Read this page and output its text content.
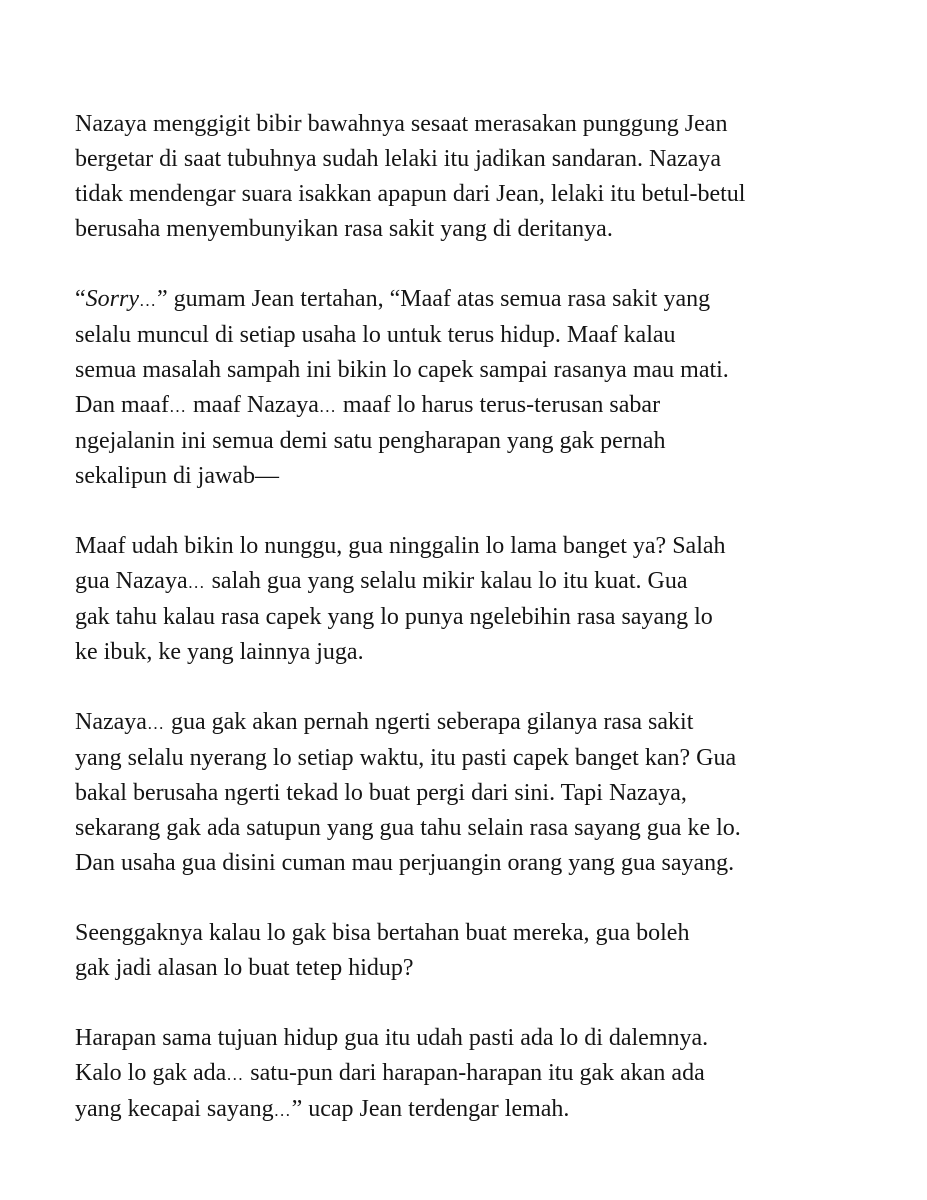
Nazaya menggigit bibir bawahnya sesaat merasakan punggung Jean
bergetar di saat tubuhnya sudah lelaki itu jadikan sandaran. Nazaya
tidak mendengar suara isakkan apapun dari Jean, lelaki itu betul-betul
berusaha menyembunyikan rasa sakit yang di deritanya.

“Sorry…” gumam Jean tertahan, “Maaf atas semua rasa sakit yang
selalu muncul di setiap usaha lo untuk terus hidup. Maaf kalau
semua masalah sampah ini bikin lo capek sampai rasanya mau mati.
Dan maaf… maaf Nazaya… maaf lo harus terus-terusan sabar
ngejalanin ini semua demi satu pengharapan yang gak pernah
sekalipun di jawab—

Maaf udah bikin lo nunggu, gua ninggalin lo lama banget ya? Salah
gua Nazaya… salah gua yang selalu mikir kalau lo itu kuat. Gua
gak tahu kalau rasa capek yang lo punya ngelebihin rasa sayang lo
ke ibuk, ke yang lainnya juga.

Nazaya… gua gak akan pernah ngerti seberapa gilanya rasa sakit
yang selalu nyerang lo setiap waktu, itu pasti capek banget kan? Gua
bakal berusaha ngerti tekad lo buat pergi dari sini. Tapi Nazaya,
sekarang gak ada satupun yang gua tahu selain rasa sayang gua ke lo.
Dan usaha gua disini cuman mau perjuangin orang yang gua sayang.

Seenggaknya kalau lo gak bisa bertahan buat mereka, gua boleh
gak jadi alasan lo buat tetep hidup?

Harapan sama tujuan hidup gua itu udah pasti ada lo di dalemnya.
Kalo lo gak ada… satu-pun dari harapan-harapan itu gak akan ada
yang kecapai sayang…” ucap Jean terdengar lemah.
